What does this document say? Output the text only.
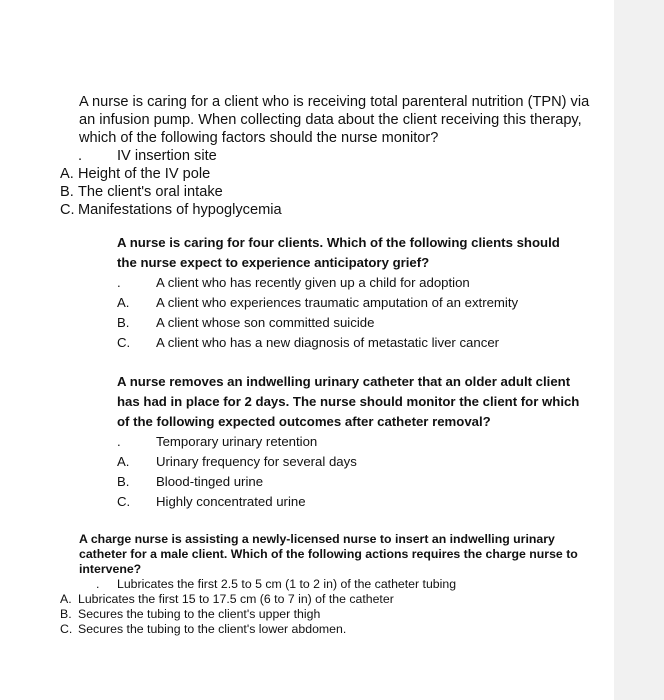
A nurse is caring for a client who is receiving total parenteral nutrition (TPN) via an infusion pump. When collecting data about the client receiving this therapy, which of the following factors should the nurse monitor?
. IV insertion site
A. Height of the IV pole
B. The client's oral intake
C. Manifestations of hypoglycemia
A nurse is caring for four clients. Which of the following clients should the nurse expect to experience anticipatory grief?
.	A client who has recently given up a child for adoption
A. A client who experiences traumatic amputation of an extremity
B. A client whose son committed suicide
C. A client who has a new diagnosis of metastatic liver cancer
A nurse removes an indwelling urinary catheter that an older adult client has had in place for 2 days. The nurse should monitor the client for which of the following expected outcomes after catheter removal?
.	Temporary urinary retention
A. Urinary frequency for several days
B. Blood-tinged urine
C. Highly concentrated urine
A charge nurse is assisting a newly-licensed nurse to insert an indwelling urinary catheter for a male client. Which of the following actions requires the charge nurse to intervene?
. Lubricates the first 2.5 to 5 cm (1 to 2 in) of the catheter tubing
A. Lubricates the first 15 to 17.5 cm (6 to 7 in) of the catheter
B. Secures the tubing to the client's upper thigh
C. Secures the tubing to the client's lower abdomen.
